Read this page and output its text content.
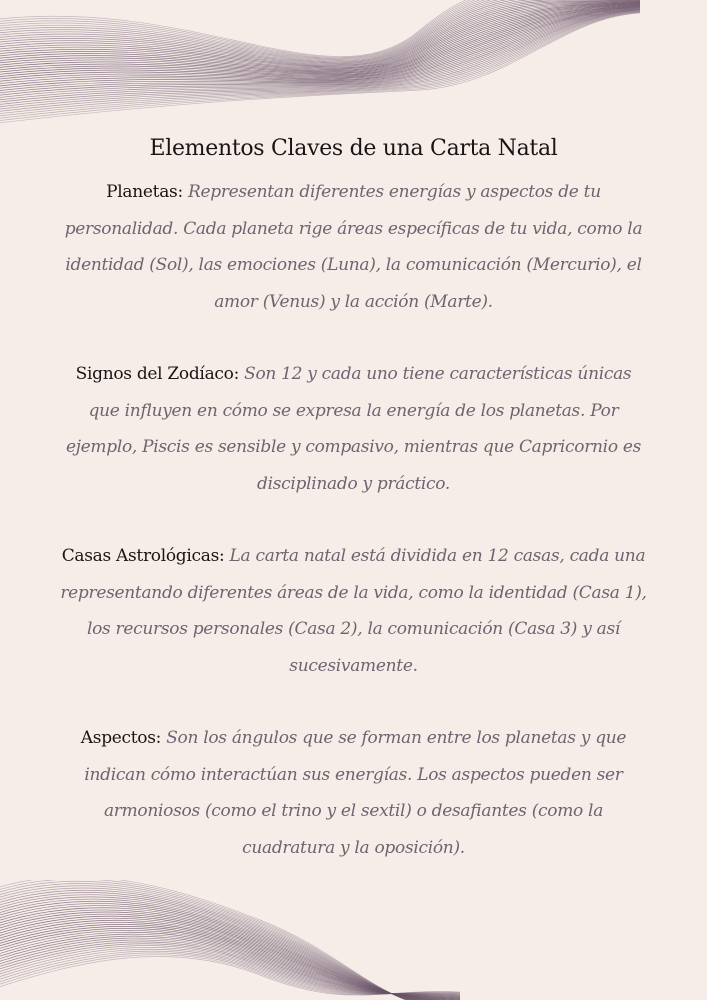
Elementos Claves de una Carta Natal
Planetas: Representan diferentes energías y aspectos de tu personalidad. Cada planeta rige áreas específicas de tu vida, como la identidad (Sol), las emociones (Luna), la comunicación (Mercurio), el amor (Venus) y la acción (Marte).
Signos del Zodíaco: Son 12 y cada uno tiene características únicas que influyen en cómo se expresa la energía de los planetas. Por ejemplo, Piscis es sensible y compasivo, mientras que Capricornio es disciplinado y práctico.
Casas Astrológicas: La carta natal está dividida en 12 casas, cada una representando diferentes áreas de la vida, como la identidad (Casa 1), los recursos personales (Casa 2), la comunicación (Casa 3) y así sucesivamente.
Aspectos: Son los ángulos que se forman entre los planetas y que indican cómo interactúan sus energías. Los aspectos pueden ser armoniosos (como el trino y el sextil) o desafiantes (como la cuadratura y la oposición).
